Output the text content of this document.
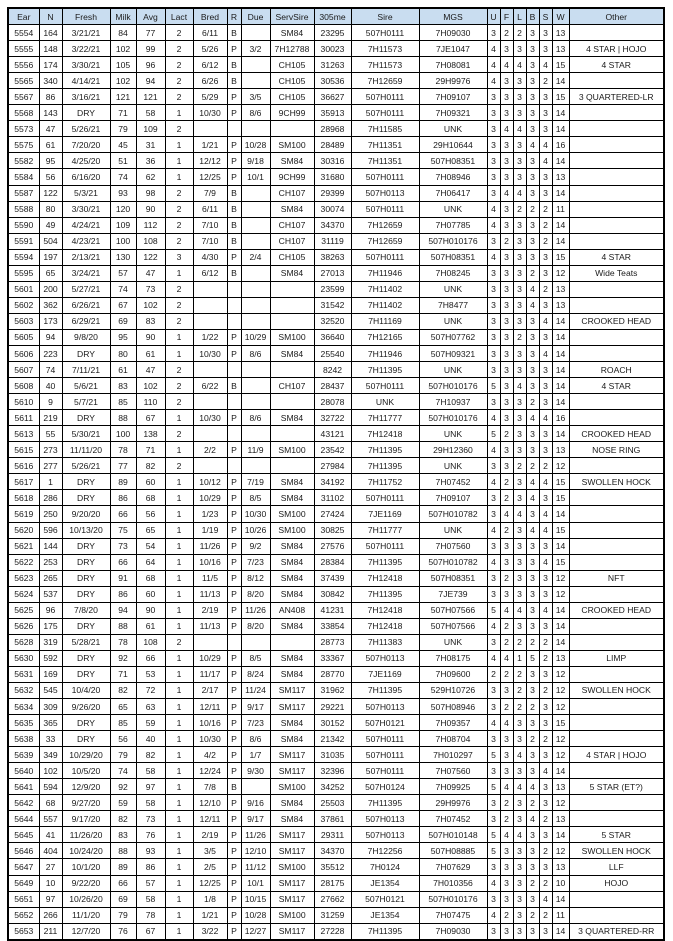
Ear	N	Fresh	Milk	Avg	Lact	Bred	R	Due	ServSire	305me	Sire	MGS	U	F	L	B	S	W	Other
5554	164	3/21/21	84	77	2	6/11	B		SM84	23295	507H0111	7H09030	3	2	2	3	3	13	
5555	148	3/22/21	102	99	2	5/26	P	3/2	7H12788	30023	7H11573	7JE1047	4	3	3	3	3	13	4 STAR | HOJO
5556	174	3/30/21	105	96	2	6/12	B		CH105	31263	7H11573	7H08081	4	4	4	3	4	15	4 STAR
5565	340	4/14/21	102	94	2	6/26	B		CH105	30536	7H12659	29H9976	4	3	3	3	2	14	
5567	86	3/16/21	121	121	2	5/29	P	3/5	CH105	36627	507H0111	7H09107	3	3	3	3	3	15	3 QUARTERED-LR
5568	143	DRY	71	58	1	10/30	P	8/6	9CH99	35913	507H0111	7H09321	3	3	3	3	3	14	
5573	47	5/26/21	79	109	2					28968	7H11585	UNK	3	4	4	3	3	14	
5575	61	7/20/20	45	31	1	1/21	P	10/28	SM100	28489	7H11351	29H10644	3	3	3	4	4	16	
5582	95	4/25/20	51	36	1	12/12	P	9/18	SM84	30316	7H11351	507H08351	3	3	3	3	4	14	
5584	56	6/16/20	74	62	1	12/25	P	10/1	9CH99	31680	507H0111	7H08946	3	3	3	3	3	13	
5587	122	5/3/21	93	98	2	7/9	B		CH107	29399	507H0113	7H06417	3	4	4	3	3	14	
5588	80	3/30/21	120	90	2	6/11	B		SM84	30074	507H0111	UNK	4	3	2	2	2	11	
5590	49	4/24/21	109	112	2	7/10	B		CH107	34370	7H12659	7H07785	4	3	3	3	2	14	
5591	504	4/23/21	100	108	2	7/10	B		CH107	31119	7H12659	507H010176	3	2	3	3	2	14	
5594	197	2/13/21	130	122	3	4/30	P	2/4	CH105	38263	507H0111	507H08351	4	3	3	3	3	15	4 STAR
5595	65	3/24/21	57	47	1	6/12	B		SM84	27013	7H11946	7H08245	3	3	3	2	3	12	Wide Teats
5601	200	5/27/21	74	73	2					23599	7H11402	UNK	3	3	3	4	2	13	
5602	362	6/26/21	67	102	2					31542	7H11402	7H8477	3	3	3	4	3	13	
5603	173	6/29/21	69	83	2					32520	7H11169	UNK	3	3	3	3	4	14	CROOKED HEAD
5605	94	9/8/20	95	90	1	1/22	P	10/29	SM100	36640	7H12165	507H07762	3	3	2	3	3	14	
5606	223	DRY	80	61	1	10/30	P	8/6	SM84	25540	7H11946	507H09321	3	3	3	3	4	14	
5607	74	7/11/21	61	47	2					8242	7H11395	UNK	3	3	3	3	3	14	ROACH
5608	40	5/6/21	83	102	2	6/22	B		CH107	28437	507H0111	507H010176	5	3	4	3	3	14	4 STAR
5610	9	5/7/21	85	110	2					28078	UNK	7H10937	3	3	3	2	3	14	
5611	219	DRY	88	67	1	10/30	P	8/6	SM84	32722	7H11777	507H010176	4	3	3	4	4	16	
5613	55	5/30/21	100	138	2					43121	7H12418	UNK	5	2	3	3	3	14	CROOKED HEAD
5615	273	11/11/20	78	71	1	2/2	P	11/9	SM100	23542	7H11395	29H12360	4	3	3	3	3	13	NOSE RING
5616	277	5/26/21	77	82	2					27984	7H11395	UNK	3	3	2	2	2	12	
5617	1	DRY	89	60	1	10/12	P	7/19	SM84	34192	7H11752	7H07452	4	2	3	4	4	15	SWOLLEN HOCK
5618	286	DRY	86	68	1	10/29	P	8/5	SM84	31102	507H0111	7H09107	3	2	3	4	3	15	
5619	250	9/20/20	66	56	1	1/23	P	10/30	SM100	27424	7JE1169	507H010782	3	4	4	3	4	14	
5620	596	10/13/20	75	65	1	1/19	P	10/26	SM100	30825	7H11777	UNK	4	2	3	4	4	15	
5621	144	DRY	73	54	1	11/26	P	9/2	SM84	27576	507H0111	7H07560	3	3	3	3	3	14	
5622	253	DRY	66	64	1	10/16	P	7/23	SM84	28384	7H11395	507H010782	4	3	3	3	4	15	
5623	265	DRY	91	68	1	11/5	P	8/12	SM84	37439	7H12418	507H08351	3	2	3	3	3	12	NFT
5624	537	DRY	86	60	1	11/13	P	8/20	SM84	30842	7H11395	7JE739	3	3	3	3	3	12	
5625	96	7/8/20	94	90	1	2/19	P	11/26	AN408	41231	7H12418	507H07566	5	4	4	3	4	14	CROOKED HEAD
5626	175	DRY	88	61	1	11/13	P	8/20	SM84	33854	7H12418	507H07566	4	2	3	3	3	14	
5628	319	5/28/21	78	108	2					28773	7H11383	UNK	3	2	2	2	2	14	
5630	592	DRY	92	66	1	10/29	P	8/5	SM84	33367	507H0113	7H08175	4	4	1	5	2	13	LIMP
5631	169	DRY	71	53	1	11/17	P	8/24	SM84	28770	7JE1169	7H09600	2	2	2	3	3	12	
5632	545	10/4/20	82	72	1	2/17	P	11/24	SM117	31962	7H11395	529H10726	3	3	2	3	2	12	SWOLLEN HOCK
5634	309	9/26/20	65	63	1	12/11	P	9/17	SM117	29221	507H0113	507H08946	3	2	2	2	3	12	
5635	365	DRY	85	59	1	10/16	P	7/23	SM84	30152	507H0121	7H09357	4	4	3	3	3	15	
5638	33	DRY	56	40	1	10/30	P	8/6	SM84	21342	507H0111	7H08704	3	3	3	2	2	12	
5639	349	10/29/20	79	82	1	4/2	P	1/7	SM117	31035	507H0111	7H010297	5	3	4	3	3	12	4 STAR | HOJO
5640	102	10/5/20	74	58	1	12/24	P	9/30	SM117	32396	507H0111	7H07560	3	3	3	3	4	14	
5641	594	12/9/20	92	97	1	7/8	B		SM100	34252	507H0124	7H09925	5	4	4	4	3	13	5 STAR (ET?)
5642	68	9/27/20	59	58	1	12/10	P	9/16	SM84	25503	7H11395	29H9976	3	2	3	2	3	12	
5644	557	9/17/20	82	73	1	12/11	P	9/17	SM84	37861	507H0113	7H07452	3	2	3	4	2	13	
5645	41	11/26/20	83	76	1	2/19	P	11/26	SM117	29311	507H0113	507H010148	5	4	4	3	3	14	5 STAR
5646	404	10/24/20	88	93	1	3/5	P	12/10	SM117	34370	7H12256	507H08885	5	3	3	3	2	12	SWOLLEN HOCK
5647	27	10/1/20	89	86	1	2/5	P	11/12	SM100	35512	7H0124	7H07629	3	3	3	3	3	13	LLF
5649	10	9/22/20	66	57	1	12/25	P	10/1	SM117	28175	JE1354	7H010356	4	3	3	2	2	10	HOJO
5651	97	10/26/20	69	58	1	1/8	P	10/15	SM117	27662	507H0121	507H010176	3	3	3	3	4	14	
5652	266	11/1/20	79	78	1	1/21	P	10/28	SM100	31259	JE1354	7H07475	4	2	3	2	2	11	
5653	211	12/7/20	76	67	1	3/22	P	12/27	SM117	27228	7H11395	7H09030	3	3	3	3	3	14	3 QUARTERED-RR
